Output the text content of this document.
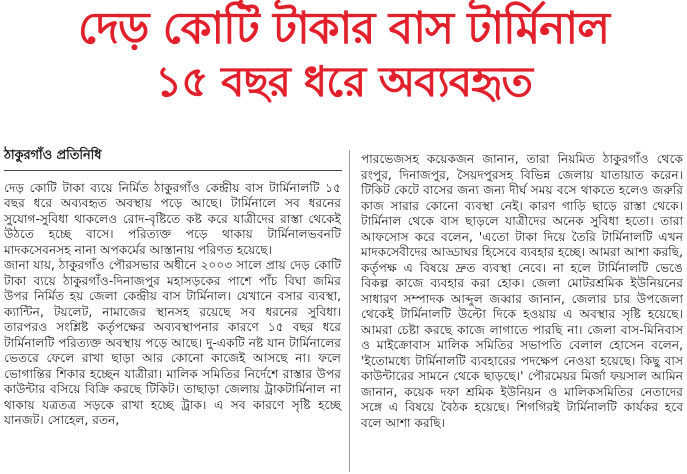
দেড় কোটি টাকার বাস টার্মিনাল
১৫ বছর ধরে অব্যবহৃত
ঠাকুরগাঁও প্রতিনিধি

দেড় কোটি টাকা ব্যয়ে নির্মিত ঠাকুরগাঁও কেন্দ্রীয় বাস টার্মিনালটি ১৫ বছর ধরে অব্যবহৃত অবস্থায় পড়ে আছে। টার্মিনালে সব ধরনের সুযোগ-সুবিধা থাকলেও রোদ-বৃষ্টিতে কষ্ট করে যাত্রীদের রাস্তা থেকেই উঠতে হচ্ছে বাসে। পরিত্যক্ত পড়ে থাকায় টার্মিনালভবনটি মাদকসেবনসহ নানা অপকর্মের আস্তানায় পরিণত হয়েছে।

জানা যায়, ঠাকুরগাঁও পৌরসভার অধীনে ২০০৩ সালে প্রায় দেড় কোটি টাকা ব্যয়ে ঠাকুরগাঁও-দিনাজপুর মহাসড়কের পাশে পাঁচ বিঘা জমির উপর নির্মিত হয় জেলা কেন্দ্রীয় বাস টার্মিনাল। যেখানে বসার ব্যবস্থা, ক্যান্টিন, টয়লেট, নামাজের স্থানসহ রয়েছে সব ধরনের সুবিধা। তারপরও সংশ্লিষ্ট কর্তৃপক্ষের অব্যবস্থাপনার কারণে ১৫ বছর ধরে টার্মিনালটি পরিত্যক্ত অবস্থায় পড়ে আছে। দু-একটি নষ্ট যান টার্মিনালের ভেতরে ফেলে রাখা ছাড়া আর কোনো কাজেই আসছে না। ফলে ভোগান্তির শিকার হচ্ছেন যাত্রীরা। মালিক সমিতির নির্দেশে রাস্তার উপর কাউন্টার বসিয়ে বিক্রি করছে টিকিট। তাছাড়া জেলায় ট্রাকটার্মিনাল না থাকায় যত্রতত্র সড়কে রাখা হচ্ছে ট্রাক। এ সব কারণে সৃষ্টি হচ্ছে যানজট। সোহেল, রতন,

পারভেজসহ কয়েকজন জানান, তারা নিয়মিত ঠাকুরগাঁও থেকে রংপুর, দিনাজপুর, সৈয়দপুরসহ বিভিন্ন জেলায় যাতায়াত করেন। টিকিট কেটে বাসের জন্য জন্য দীর্ঘ সময় বসে থাকতে হলেও জরুরি কাজ সারার কোনো ব্যবস্থা নেই। কারণ গাড়ি ছাড়ে রাস্তা থেকে। টার্মিনাল থেকে বাস ছাড়লে যাত্রীদের অনেক সুবিধা হতো। তারা আফসোস করে বলেন, 'এতো টাকা দিয়ে তৈরি টার্মিনালটি এখন মাদকসেবীদের আড্ডাঘর হিসেবে ব্যবহার হচ্ছে। আমরা আশা করছি, কর্তৃপক্ষ এ বিষয়ে দ্রুত ব্যবস্থা নেবে। না হলে টার্মিনালটি ভেঙে বিকল্প কাজে ব্যবহার করা হোক। জেলা মোটরশ্রমিক ইউনিয়নের সাধারণ সম্পাদক আব্দুল জব্বার জানান, জেলার চার উপজেলা থেকেই টার্মিনালটি উল্টো দিকে হওয়ায় এ অবস্থার সৃষ্টি হয়েছে। আমরা চেষ্টা করছে কাজে লাগাতে পারছি না। জেলা বাস-মিনিবাস ও মাইক্রোবাস মালিক সমিতির সভাপতি বেলাল হোসেন বলেন, 'ইতোমধ্যে টার্মিনালটি ব্যবহারের পদক্ষেপ নেওয়া হয়েছে। কিছু বাস কাউন্টারের সামনে থেকে ছাড়ছে।' পৌরমেয়র মির্জা ফয়সাল আমিন জানান, কয়েক দফা শ্রমিক ইউনিয়ন ও মালিকসমিতির নেতাদের সঙ্গে এ বিষয়ে বৈঠক হয়েছে। শিগগিরই টার্মিনালটি কার্যকর হবে বলে আশা করছি।
